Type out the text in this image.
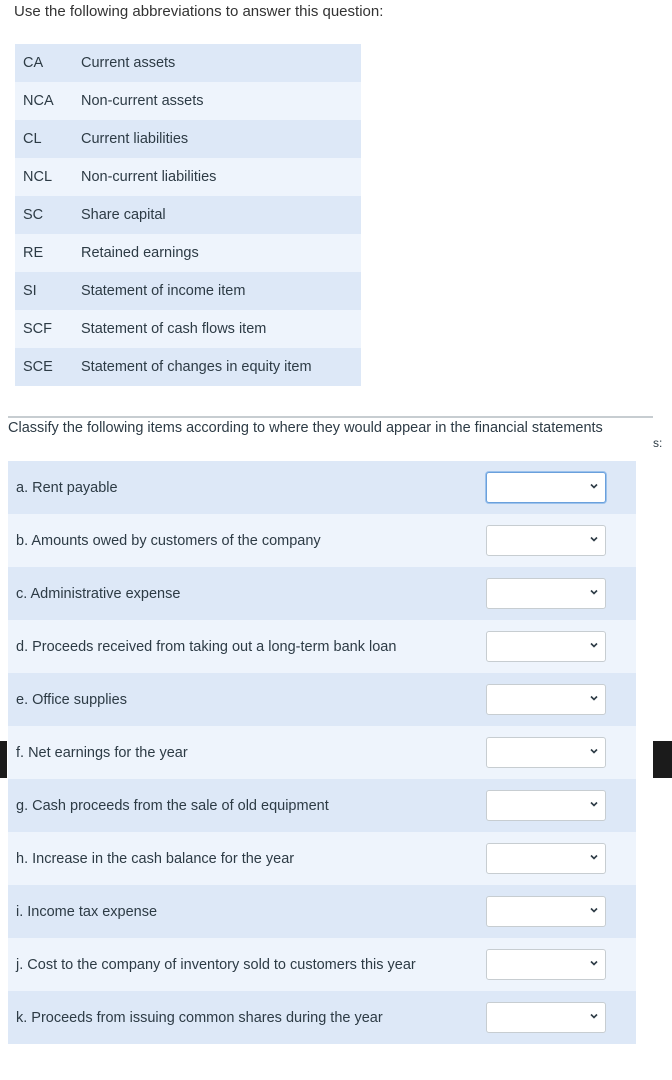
Use the following abbreviations to answer this question:

CA	Current assets
NCA	Non-current assets
CL	Current liabilities
NCL	Non-current liabilities
SC	Share capital
RE	Retained earnings
SI	Statement of income item
SCF	Statement of cash flows item
SCE	Statement of changes in equity item
Classify the following items according to where they would appear in the financial statements
s:
a. Rent payable
b. Amounts owed by customers of the company
c. Administrative expense
d. Proceeds received from taking out a long-term bank loan
e. Office supplies
f. Net earnings for the year
g. Cash proceeds from the sale of old equipment
h. Increase in the cash balance for the year
i. Income tax expense
j. Cost to the company of inventory sold to customers this year
k. Proceeds from issuing common shares during the year
